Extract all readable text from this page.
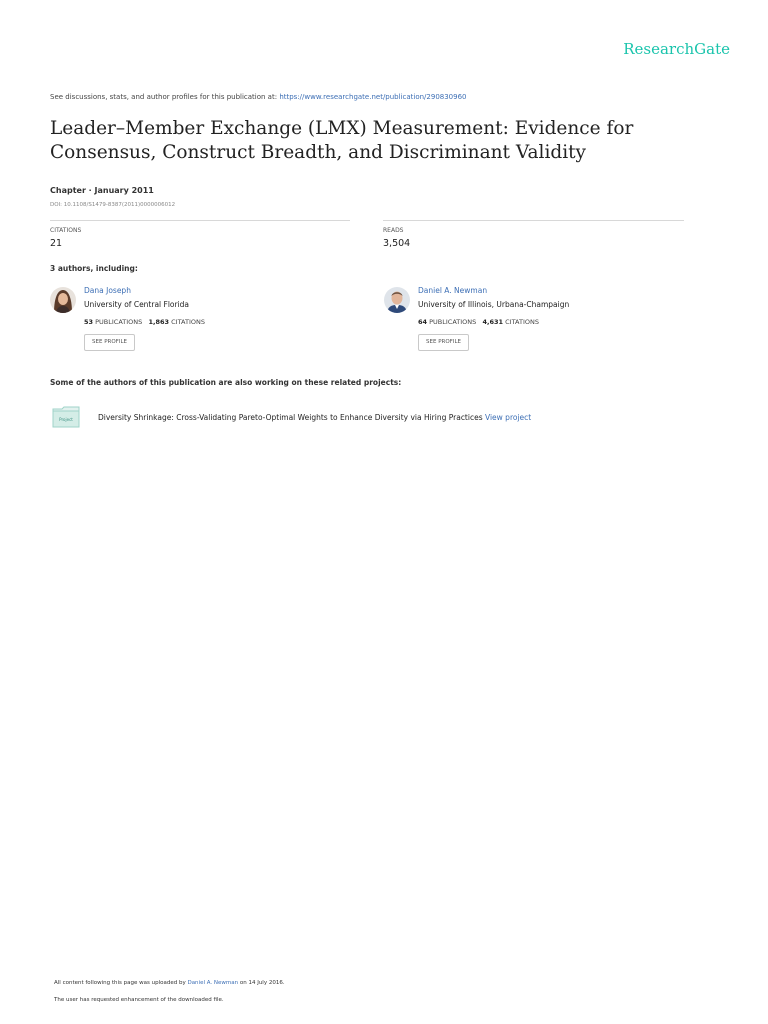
ResearchGate
See discussions, stats, and author profiles for this publication at: https://www.researchgate.net/publication/290830960
Leader–Member Exchange (LMX) Measurement: Evidence for Consensus, Construct Breadth, and Discriminant Validity
Chapter · January 2011
DOI: 10.1108/S1479-8387(2011)0000006012
CITATIONS
21
READS
3,504
3 authors, including:
Dana Joseph
University of Central Florida
53 PUBLICATIONS 1,863 CITATIONS
SEE PROFILE
Daniel A. Newman
University of Illinois, Urbana-Champaign
64 PUBLICATIONS 4,631 CITATIONS
SEE PROFILE
Some of the authors of this publication are also working on these related projects:
Project	Diversity Shrinkage: Cross-Validating Pareto-Optimal Weights to Enhance Diversity via Hiring Practices View project
All content following this page was uploaded by Daniel A. Newman on 14 July 2016.
The user has requested enhancement of the downloaded file.
